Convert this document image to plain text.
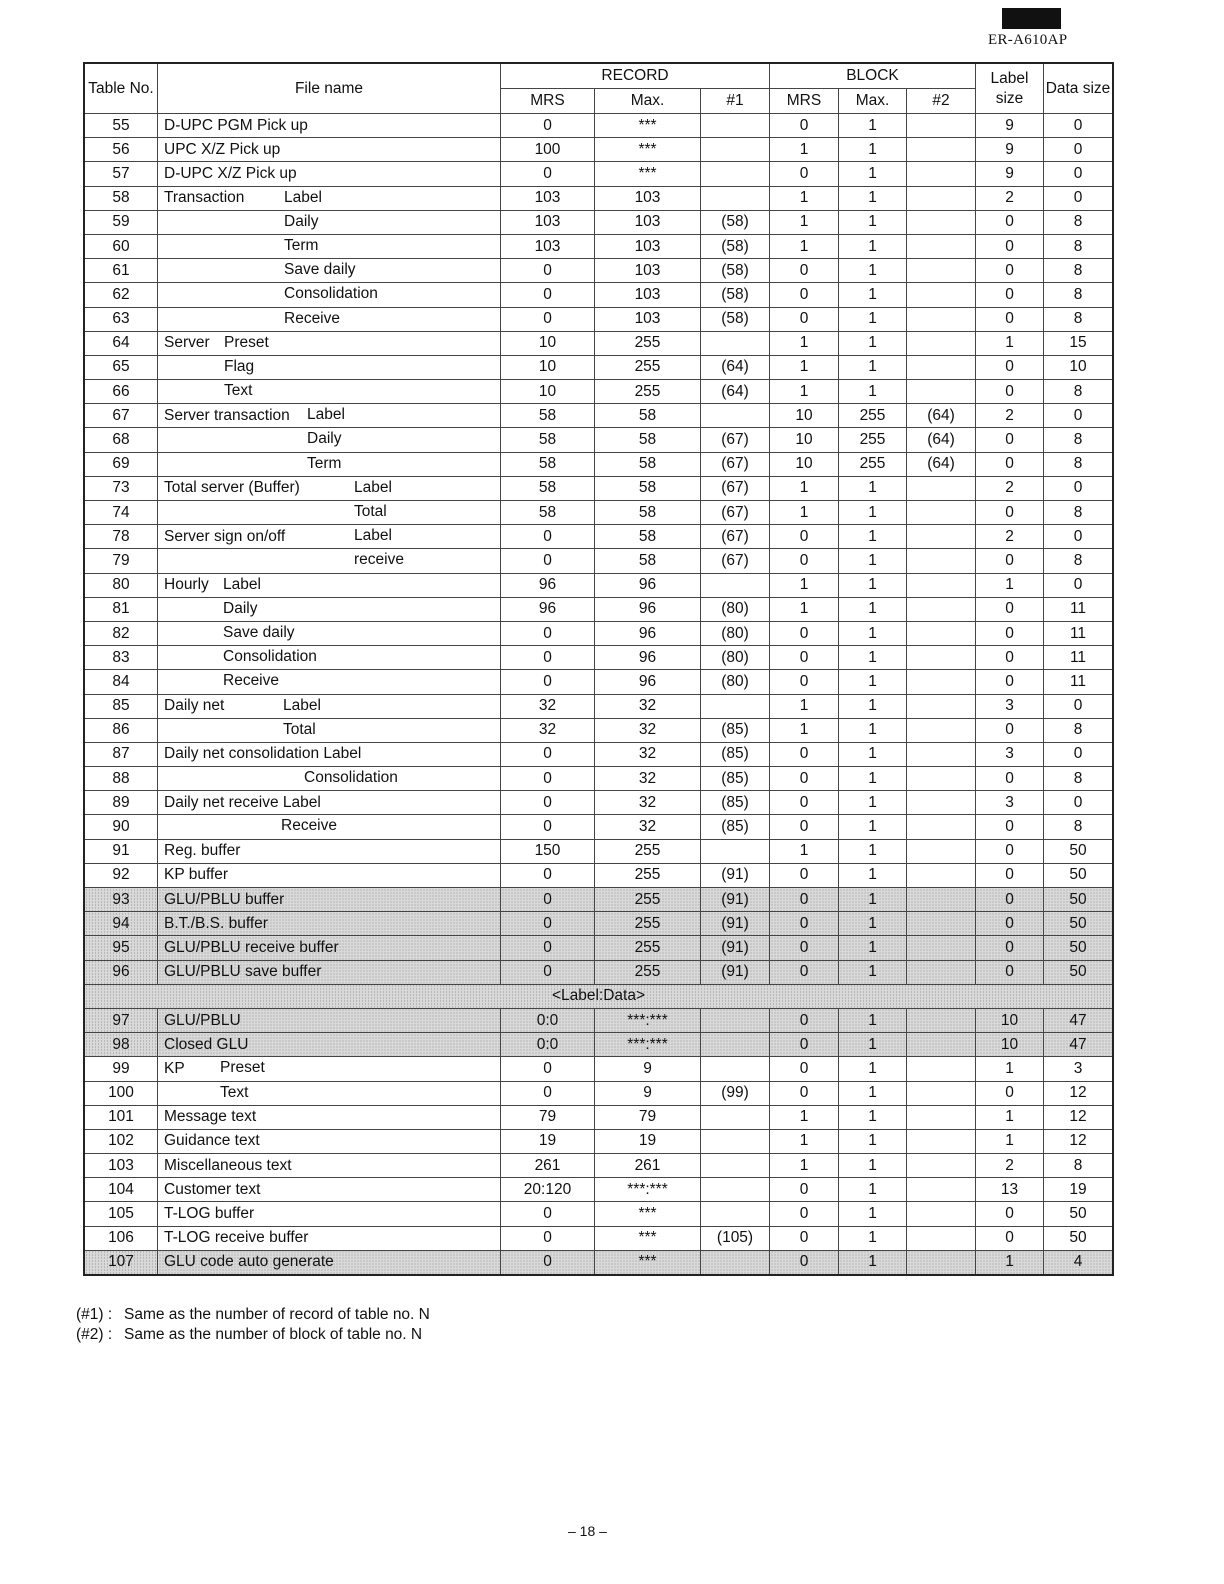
ER-A610AP
Table No.	File name	RECORD			BLOCK			Label size	Data size
		MRS	Max.	#1	MRS	Max.	#2		
55	D-UPC PGM Pick up	0	***		0	1		9	0
56	UPC X/Z Pick up	100	***		1	1		9	0
57	D-UPC X/Z Pick up	0	***		0	1		9	0
58	Transaction Label	103	103		1	1		2	0
59	Daily	103	103	(58)	1	1		0	8
60	Term	103	103	(58)	1	1		0	8
61	Save daily	0	103	(58)	0	1		0	8
62	Consolidation	0	103	(58)	0	1		0	8
63	Receive	0	103	(58)	0	1		0	8
64	Server Preset	10	255		1	1		1	15
65	Flag	10	255	(64)	1	1		0	10
66	Text	10	255	(64)	1	1		0	8
67	Server transaction Label	58	58		10	255	(64)	2	0
68	Daily	58	58	(67)	10	255	(64)	0	8
69	Term	58	58	(67)	10	255	(64)	0	8
73	Total server (Buffer) Label	58	58	(67)	1	1		2	0
74	Total	58	58	(67)	1	1		0	8
78	Server sign on/off Label	0	58	(67)	0	1		2	0
79	receive	0	58	(67)	0	1		0	8
80	Hourly Label	96	96		1	1		1	0
81	Daily	96	96	(80)	1	1		0	11
82	Save daily	0	96	(80)	0	1		0	11
83	Consolidation	0	96	(80)	0	1		0	11
84	Receive	0	96	(80)	0	1		0	11
85	Daily net Label	32	32		1	1		3	0
86	Total	32	32	(85)	1	1		0	8
87	Daily net consolidation Label	0	32	(85)	0	1		3	0
88	Consolidation	0	32	(85)	0	1		0	8
89	Daily net receive Label	0	32	(85)	0	1		3	0
90	Receive	0	32	(85)	0	1		0	8
91	Reg. buffer	150	255		1	1		0	50
92	KP buffer	0	255	(91)	0	1		0	50
93	GLU/PBLU buffer	0	255	(91)	0	1		0	50
94	B.T./B.S. buffer	0	255	(91)	0	1		0	50
95	GLU/PBLU receive buffer	0	255	(91)	0	1		0	50
96	GLU/PBLU save buffer	0	255	(91)	0	1		0	50
<Label:Data>									
97	GLU/PBLU	0:0	***:***		0	1		10	47
98	Closed GLU	0:0	***:***		0	1		10	47
99	KP Preset	0	9		0	1		1	3
100	Text	0	9	(99)	0	1		0	12
101	Message text	79	79		1	1		1	12
102	Guidance text	19	19		1	1		1	12
103	Miscellaneous text	261	261		1	1		2	8
104	Customer text	20:120	***:***		0	1		13	19
105	T-LOG buffer	0	***		0	1		0	50
106	T-LOG receive buffer	0	***	(105)	0	1		0	50
107	GLU code auto generate	0	***		0	1		1	4
(#1) : Same as the number of record of table no. N
(#2) : Same as the number of block of table no. N
– 18 –
